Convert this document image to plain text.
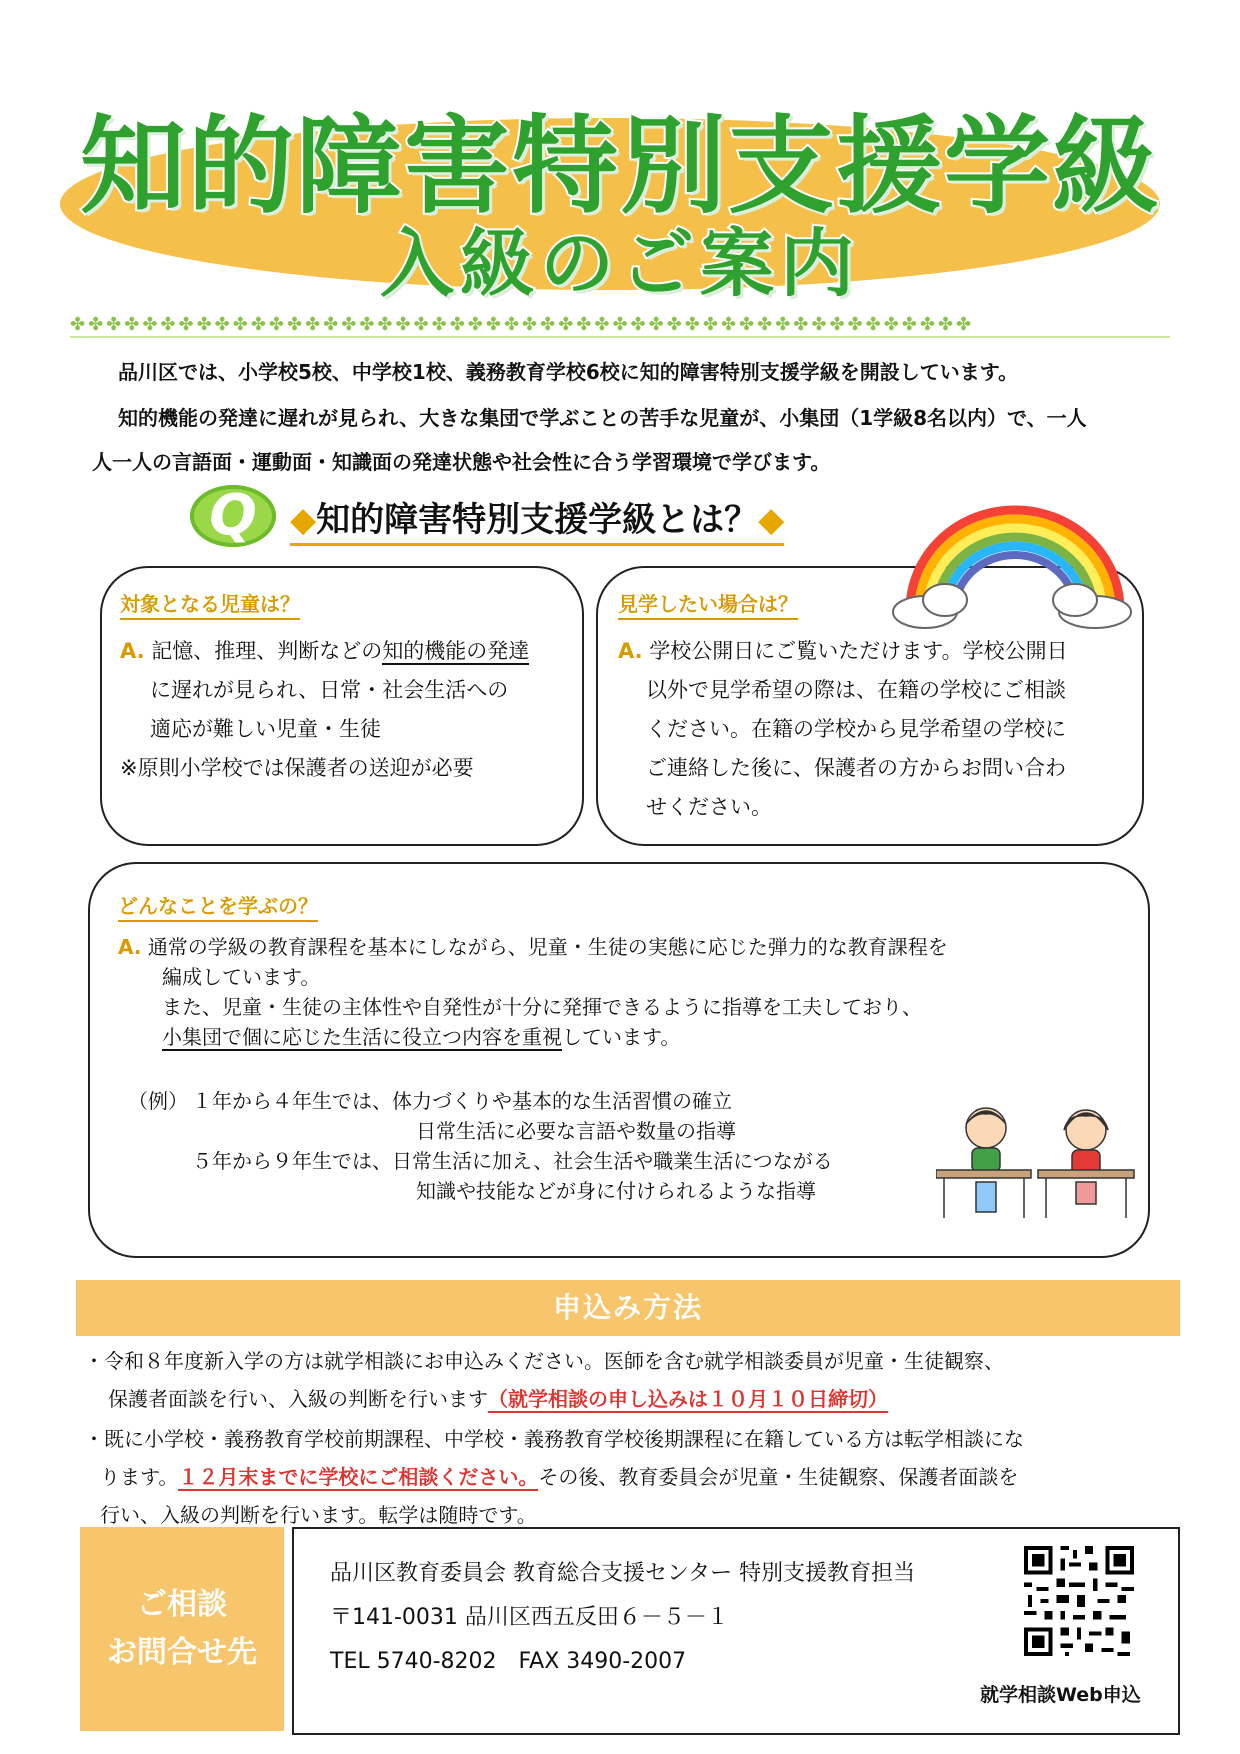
知的障害特別支援学級
入級のご案内
✤✤✤✤✤✤✤✤✤✤✤✤✤✤✤✤✤✤✤✤✤✤✤✤✤✤✤✤✤✤✤✤✤✤✤✤✤✤✤✤✤✤✤✤✤✤✤✤✤✤
品川区では、小学校5校、中学校1校、義務教育学校6校に知的障害特別支援学級を開設しています。
知的機能の発達に遅れが見られ、大きな集団で学ぶことの苦手な児童が、小集団（1学級8名以内）で、一人
人一人の言語面・運動面・知識面の発達状態や社会性に合う学習環境で学びます。
Q ◆知的障害特別支援学級とは？◆
対象となる児童は？
A. 記憶、推理、判断などの知的機能の発達
に遅れが見られ、日常・社会生活への
適応が難しい児童・生徒
※原則小学校では保護者の送迎が必要
見学したい場合は？
A. 学校公開日にご覧いただけます。学校公開日
以外で見学希望の際は、在籍の学校にご相談
ください。在籍の学校から見学希望の学校に
ご連絡した後に、保護者の方からお問い合わ
せください。
どんなことを学ぶの？
A. 通常の学級の教育課程を基本にしながら、児童・生徒の実態に応じた弾力的な教育課程を
編成しています。
また、児童・生徒の主体性や自発性が十分に発揮できるように指導を工夫しており、
小集団で個に応じた生活に役立つ内容を重視しています。
（例） １年から４年生では、体力づくりや基本的な生活習慣の確立
日常生活に必要な言語や数量の指導
５年から９年生では、日常生活に加え、社会生活や職業生活につながる
知識や技能などが身に付けられるような指導
申込み方法
・令和８年度新入学の方は就学相談にお申込みください。医師を含む就学相談委員が児童・生徒観察、
保護者面談を行い、入級の判断を行います（就学相談の申し込みは１０月１０日締切）
・既に小学校・義務教育学校前期課程、中学校・義務教育学校後期課程に在籍している方は転学相談にな
ります。１２月末までに学校にご相談ください。その後、教育委員会が児童・生徒観察、保護者面談を
行い、入級の判断を行います。転学は随時です。
ご相談
お問合せ先
品川区教育委員会 教育総合支援センター 特別支援教育担当
〒141-0031 品川区西五反田６－５－１
TEL 5740-8202　FAX 3490-2007
就学相談Web申込
